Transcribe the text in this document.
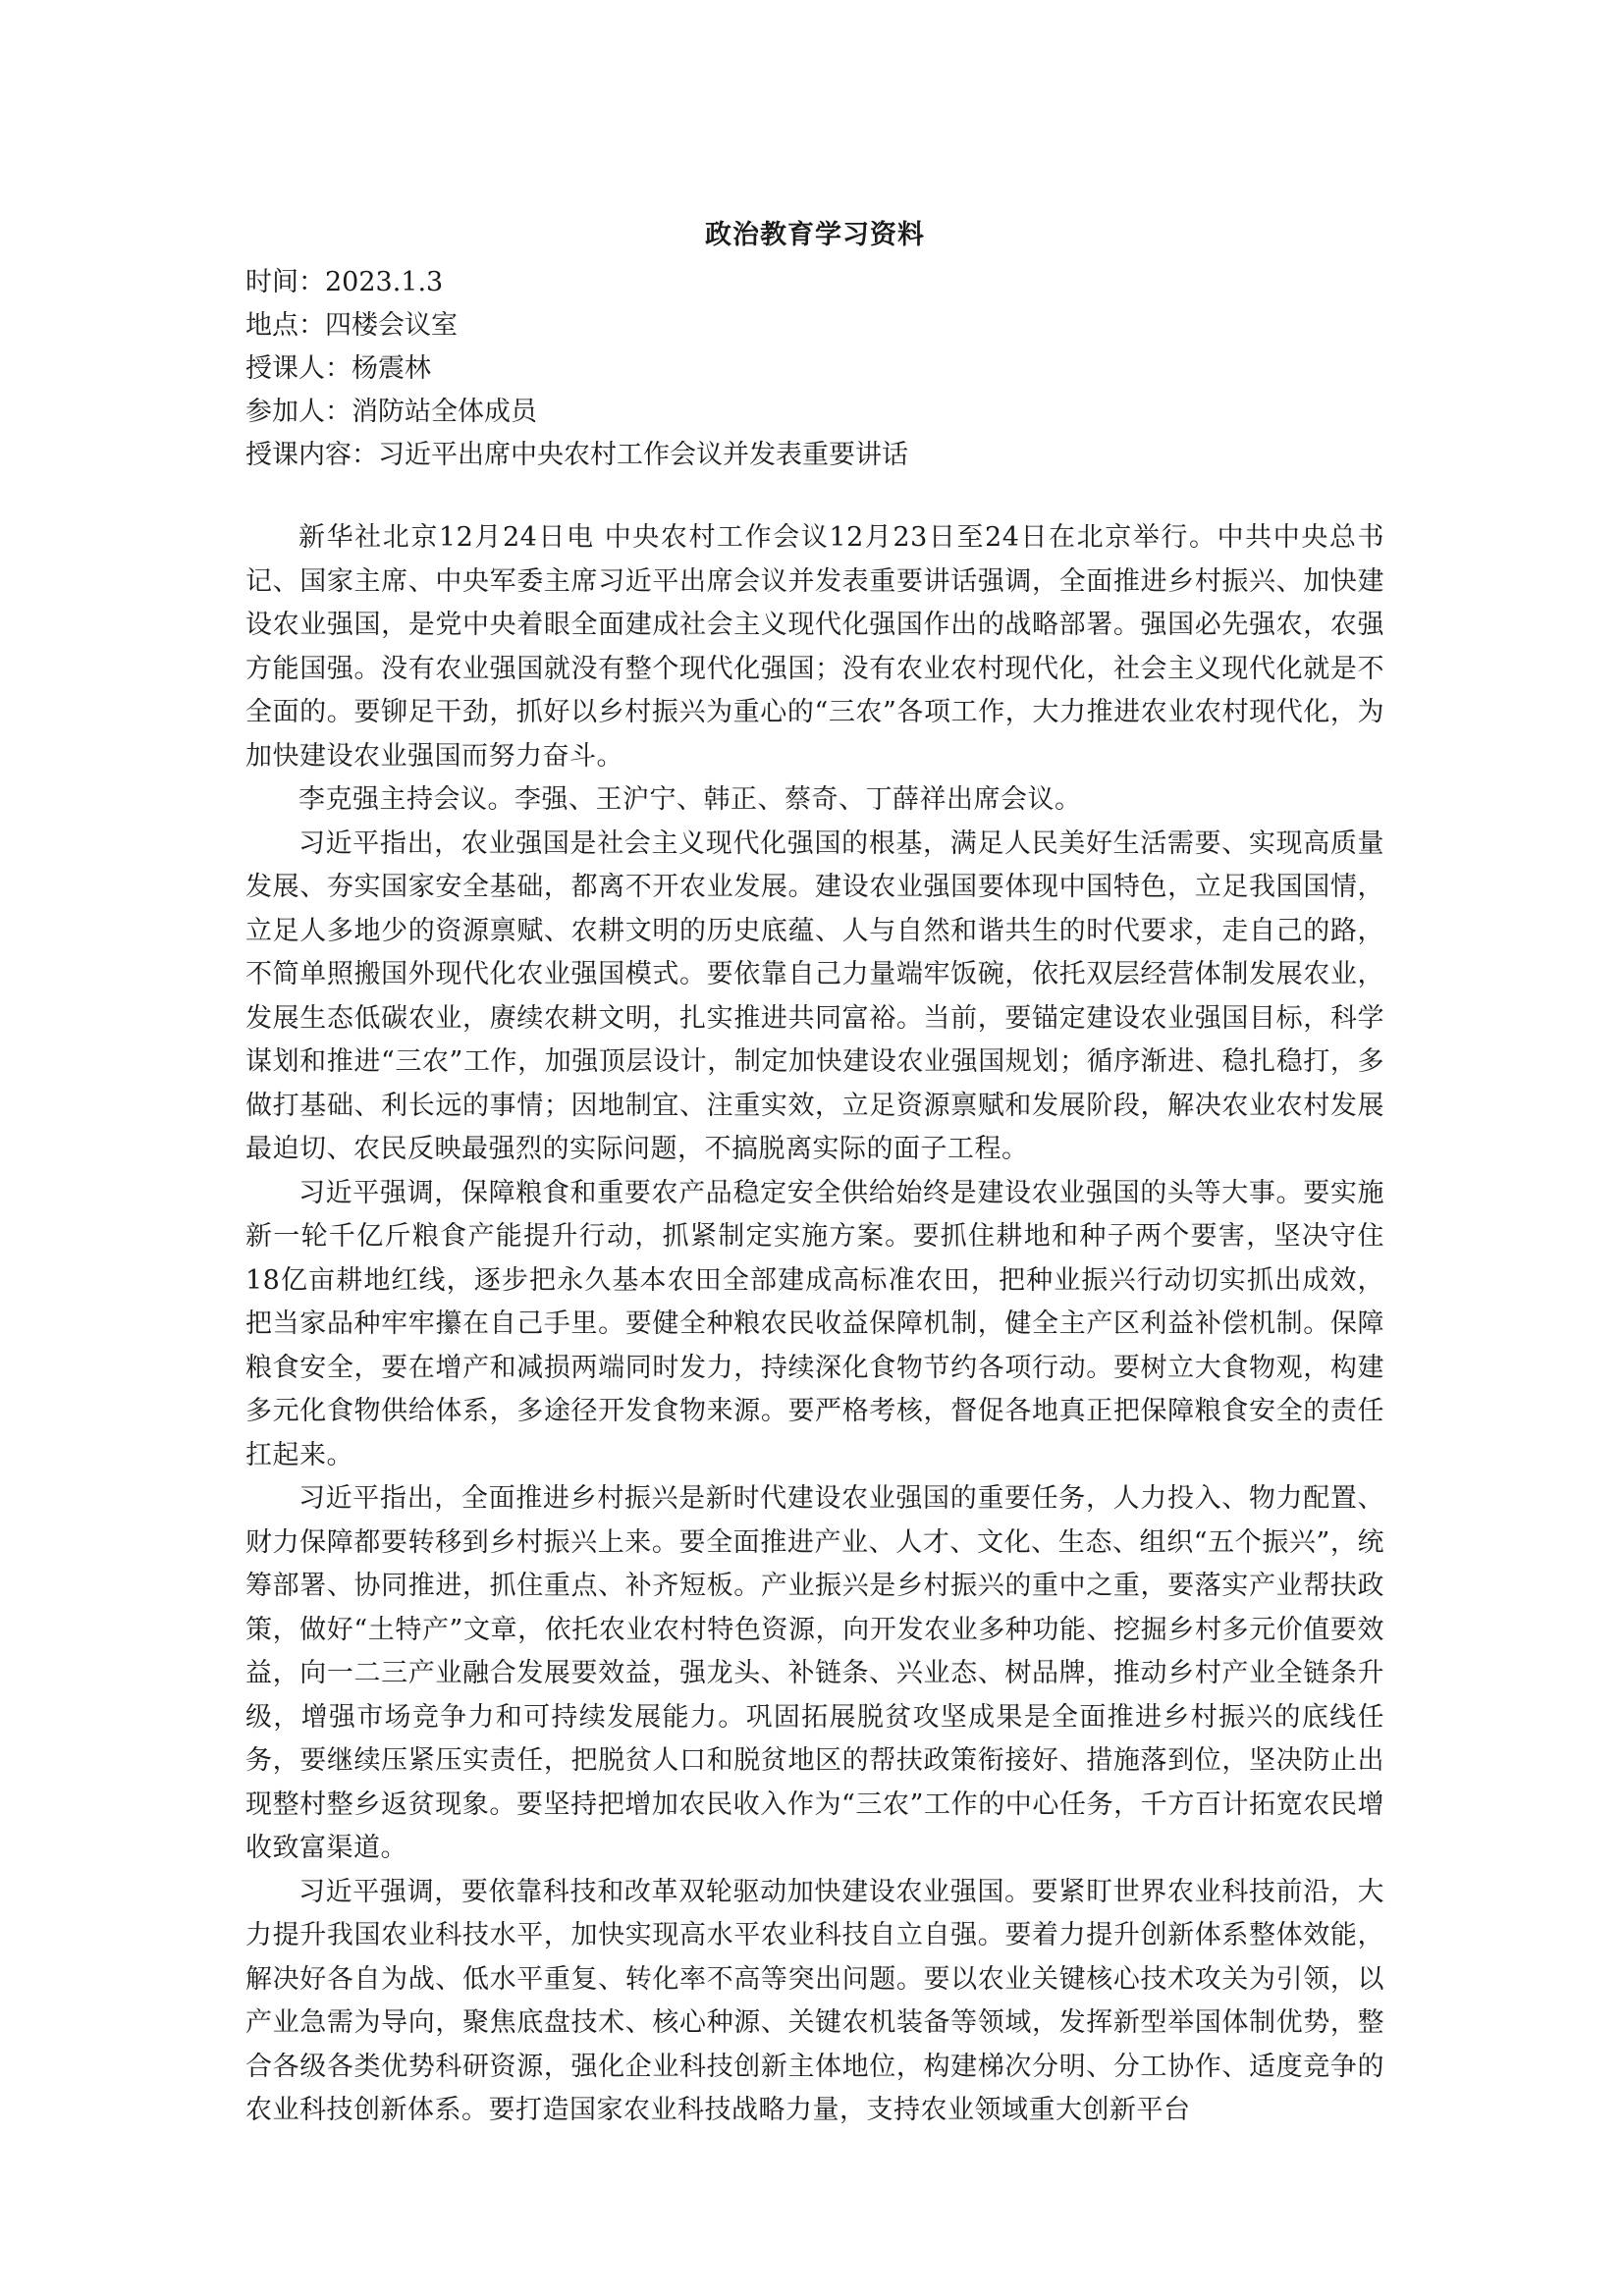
政治教育学习资料

时间：2023.1.3

地点：四楼会议室

授课人：杨震林

参加人：消防站全体成员

授课内容：习近平出席中央农村工作会议并发表重要讲话

新华社北京12月24日电 中央农村工作会议12月23日至24日在北京举行。中共中央总书记、国家主席、中央军委主席习近平出席会议并发表重要讲话强调，全面推进乡村振兴、加快建设农业强国，是党中央着眼全面建成社会主义现代化强国作出的战略部署。强国必先强农，农强方能国强。没有农业强国就没有整个现代化强国；没有农业农村现代化，社会主义现代化就是不全面的。要铆足干劲，抓好以乡村振兴为重心的“三农”各项工作，大力推进农业农村现代化，为加快建设农业强国而努力奋斗。

李克强主持会议。李强、王沪宁、韩正、蔡奇、丁薛祥出席会议。

习近平指出，农业强国是社会主义现代化强国的根基，满足人民美好生活需要、实现高质量发展、夯实国家安全基础，都离不开农业发展。建设农业强国要体现中国特色，立足我国国情，立足人多地少的资源禀赋、农耕文明的历史底蕴、人与自然和谐共生的时代要求，走自己的路，不简单照搬国外现代化农业强国模式。要依靠自己力量端牢饭碗，依托双层经营体制发展农业，发展生态低碳农业，赓续农耕文明，扎实推进共同富裕。当前，要锚定建设农业强国目标，科学谋划和推进“三农”工作，加强顶层设计，制定加快建设农业强国规划；循序渐进、稳扎稳打，多做打基础、利长远的事情；因地制宜、注重实效，立足资源禀赋和发展阶段，解决农业农村发展最迫切、农民反映最强烈的实际问题，不搞脱离实际的面子工程。

习近平强调，保障粮食和重要农产品稳定安全供给始终是建设农业强国的头等大事。要实施新一轮千亿斤粮食产能提升行动，抓紧制定实施方案。要抓住耕地和种子两个要害，坚决守住18亿亩耕地红线，逐步把永久基本农田全部建成高标准农田，把种业振兴行动切实抓出成效，把当家品种牢牢攥在自己手里。要健全种粮农民收益保障机制，健全主产区利益补偿机制。保障粮食安全，要在增产和减损两端同时发力，持续深化食物节约各项行动。要树立大食物观，构建多元化食物供给体系，多途径开发食物来源。要严格考核，督促各地真正把保障粮食安全的责任扛起来。

习近平指出，全面推进乡村振兴是新时代建设农业强国的重要任务，人力投入、物力配置、财力保障都要转移到乡村振兴上来。要全面推进产业、人才、文化、生态、组织“五个振兴”，统筹部署、协同推进，抓住重点、补齐短板。产业振兴是乡村振兴的重中之重，要落实产业帮扶政策，做好“土特产”文章，依托农业农村特色资源，向开发农业多种功能、挖掘乡村多元价值要效益，向一二三产业融合发展要效益，强龙头、补链条、兴业态、树品牌，推动乡村产业全链条升级，增强市场竞争力和可持续发展能力。巩固拓展脱贫攻坚成果是全面推进乡村振兴的底线任务，要继续压紧压实责任，把脱贫人口和脱贫地区的帮扶政策衔接好、措施落到位，坚决防止出现整村整乡返贫现象。要坚持把增加农民收入作为“三农”工作的中心任务，千方百计拓宽农民增收致富渠道。

习近平强调，要依靠科技和改革双轮驱动加快建设农业强国。要紧盯世界农业科技前沿，大力提升我国农业科技水平，加快实现高水平农业科技自立自强。要着力提升创新体系整体效能，解决好各自为战、低水平重复、转化率不高等突出问题。要以农业关键核心技术攻关为引领，以产业急需为导向，聚焦底盘技术、核心种源、关键农机装备等领域，发挥新型举国体制优势，整合各级各类优势科研资源，强化企业科技创新主体地位，构建梯次分明、分工协作、适度竞争的农业科技创新体系。要打造国家农业科技战略力量，支持农业领域重大创新平台
